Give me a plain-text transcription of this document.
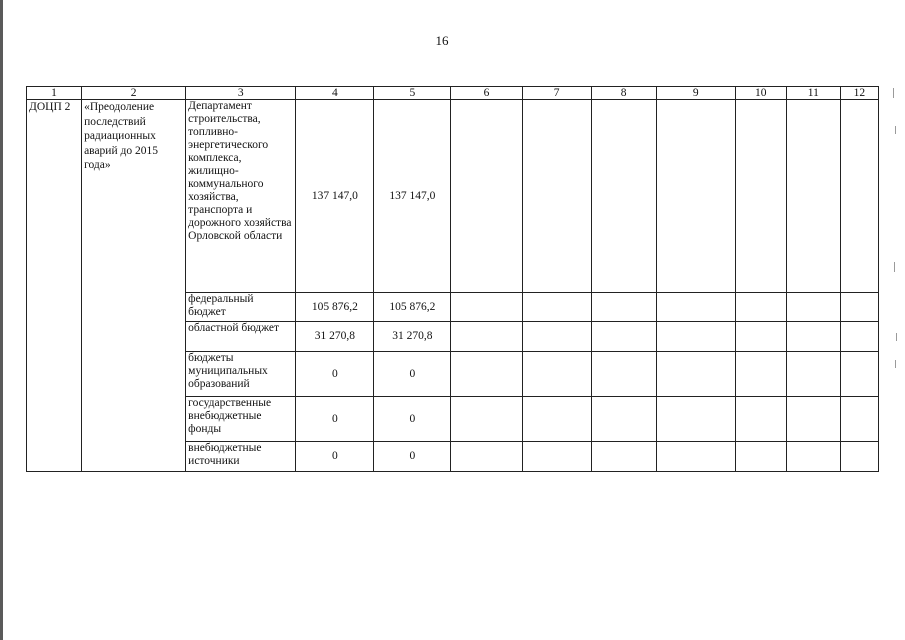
16
1	2	3	4	5	6	7	8	9	10	11	12
ДОЦП 2	«Преодоление последствий радиационных аварий до 2015 года»	Департамент строительства, топливно-энергетического комплекса, жилищно-коммунального хозяйства, транспорта и дорожного хозяйства Орловской области	137 147,0	137 147,0							
		федеральный бюджет	105 876,2	105 876,2							
		областной бюджет	31 270,8	31 270,8							
		бюджеты муниципальных образований	0	0							
		государственные внебюджетные фонды	0	0							
		внебюджетные источники	0	0							
